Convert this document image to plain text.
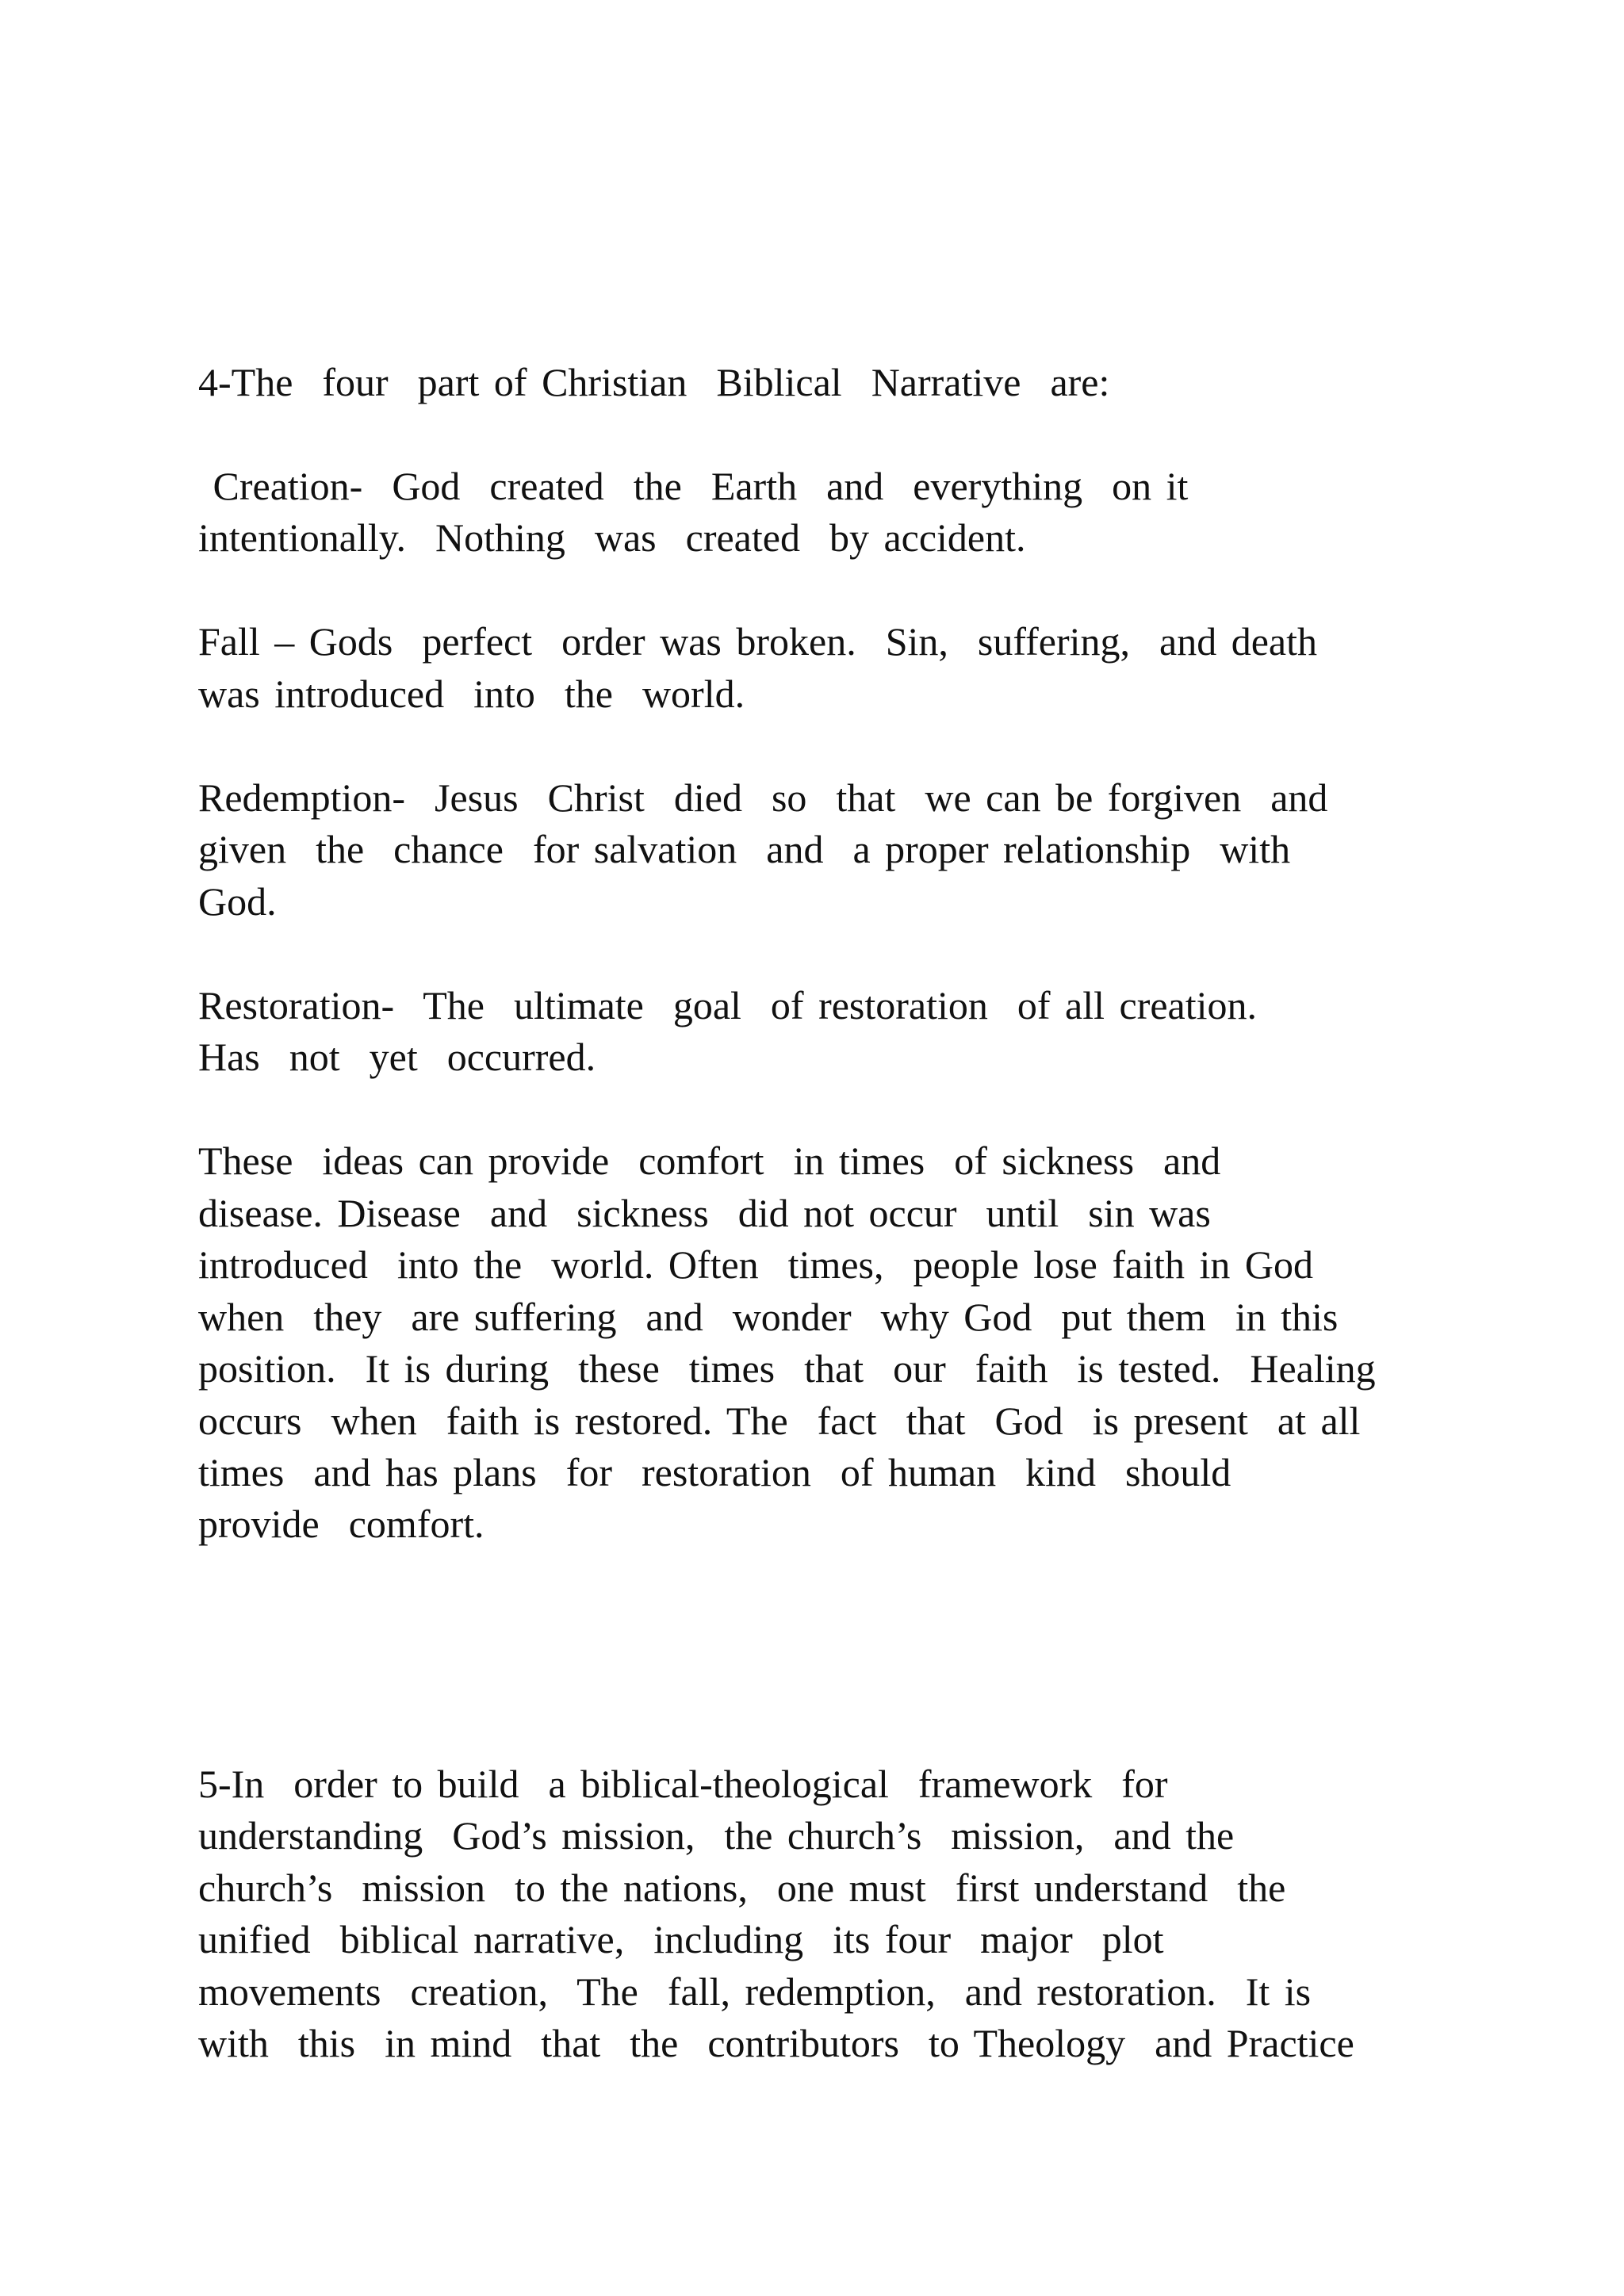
4-The  four  part of Christian  Biblical  Narrative  are:
Creation-  God  created  the  Earth  and  everything  on it
intentionally.  Nothing  was  created  by accident.
Fall – Gods  perfect  order was broken.  Sin,  suffering,  and death
was introduced  into  the  world.
Redemption-  Jesus  Christ  died  so  that  we can be forgiven  and
given  the  chance  for salvation  and  a proper relationship  with
God.
Restoration-  The  ultimate  goal  of restoration  of all creation.
Has  not  yet  occurred.
These  ideas can provide  comfort  in times  of sickness  and
disease. Disease  and  sickness  did not occur  until  sin was
introduced  into the  world. Often  times,  people lose faith in God
when  they  are suffering  and  wonder  why God  put them  in this
position.  It is during  these  times  that  our  faith  is tested.  Healing
occurs  when  faith is restored. The  fact  that  God  is present  at all
times  and has plans  for  restoration  of human  kind  should
provide  comfort.
5-In  order to build  a biblical-theological  framework  for
understanding  God’s mission,  the church’s  mission,  and the
church’s  mission  to the nations,  one must  first understand  the
unified  biblical narrative,  including  its four  major  plot
movements  creation,  The  fall, redemption,  and restoration.  It is
with  this  in mind  that  the  contributors  to Theology  and Practice
